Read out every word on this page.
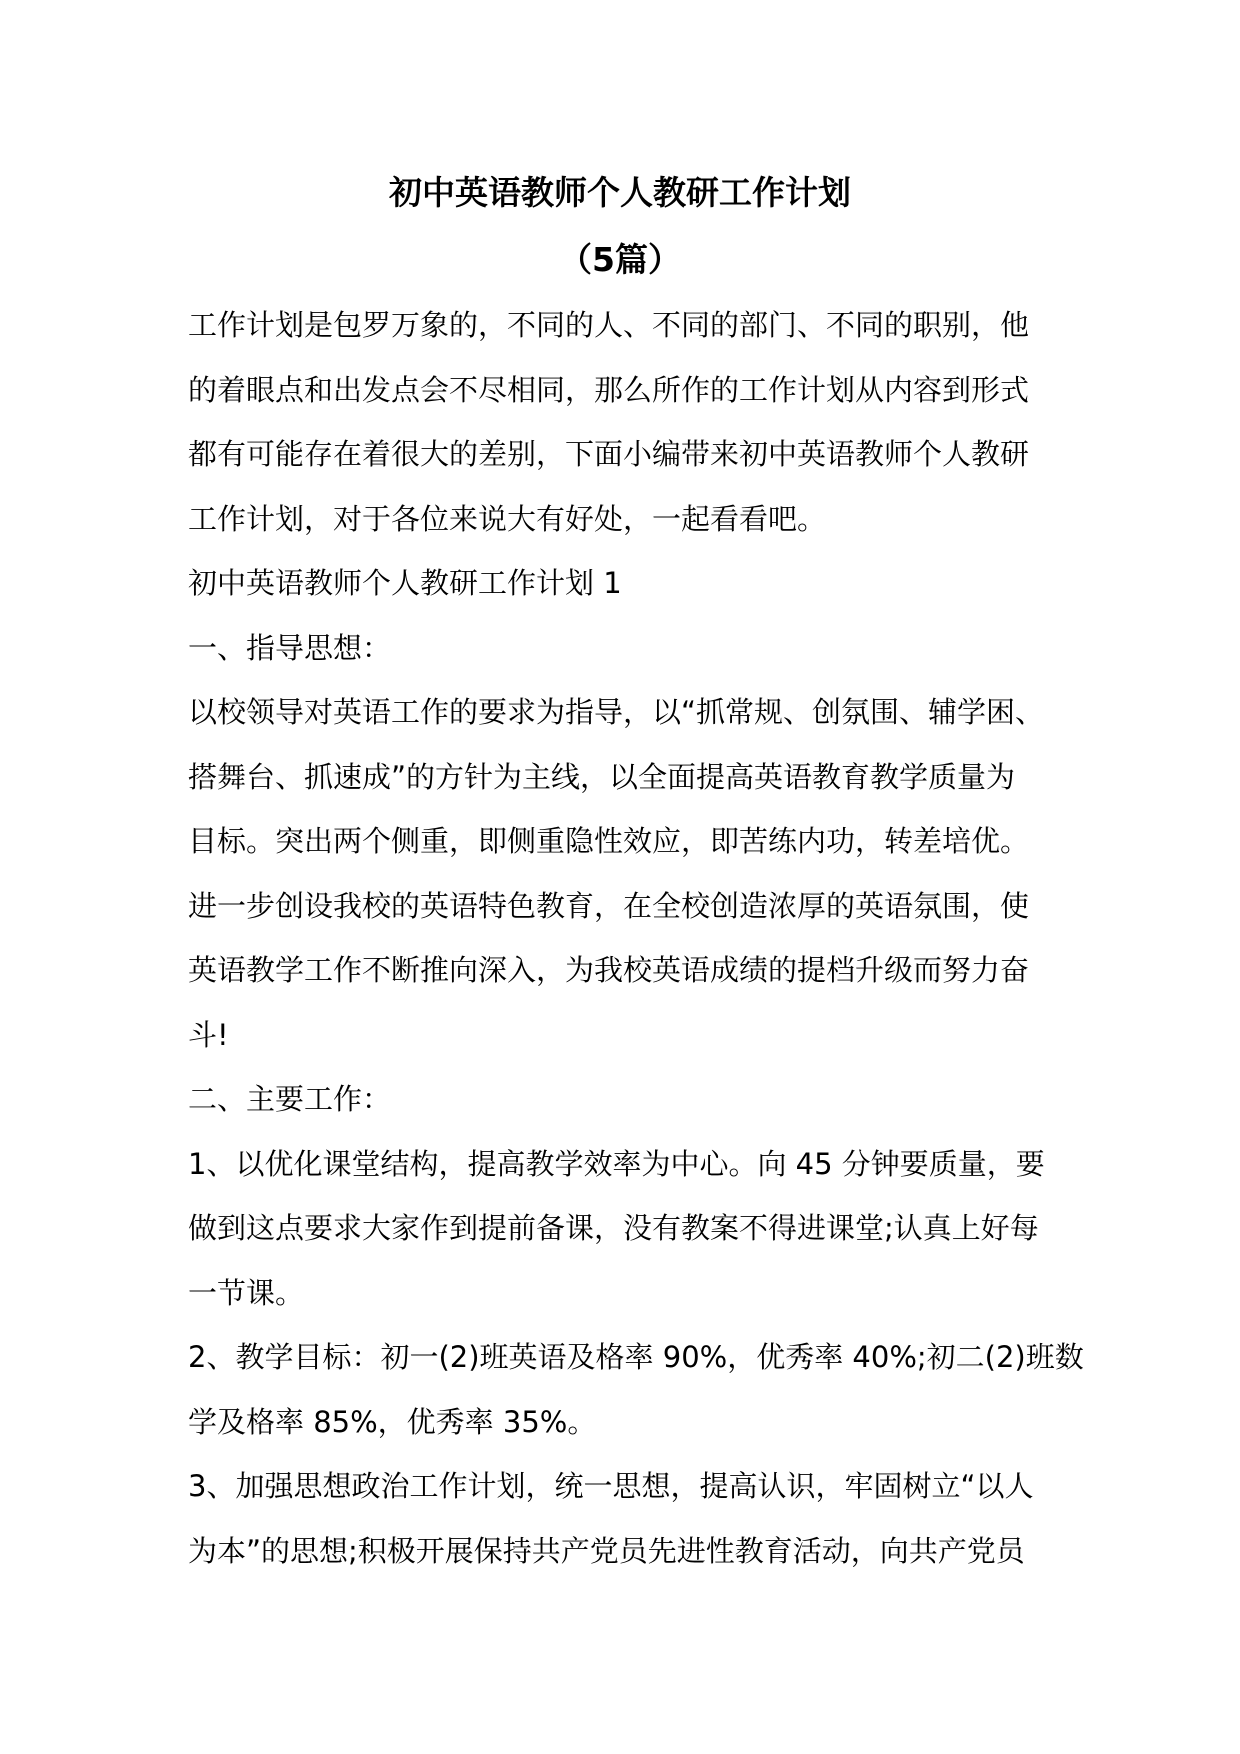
初中英语教师个人教研工作计划
（5篇）
工作计划是包罗万象的，不同的人、不同的部门、不同的职别，他
的着眼点和出发点会不尽相同，那么所作的工作计划从内容到形式
都有可能存在着很大的差别，下面小编带来初中英语教师个人教研
工作计划，对于各位来说大有好处，一起看看吧。
初中英语教师个人教研工作计划 1
一、指导思想：
以校领导对英语工作的要求为指导，以“抓常规、创氛围、辅学困、
搭舞台、抓速成”的方针为主线，以全面提高英语教育教学质量为
目标。突出两个侧重，即侧重隐性效应，即苦练内功，转差培优。
进一步创设我校的英语特色教育，在全校创造浓厚的英语氛围，使
英语教学工作不断推向深入，为我校英语成绩的提档升级而努力奋
斗!
二、主要工作：
1、以优化课堂结构，提高教学效率为中心。向 45 分钟要质量，要
做到这点要求大家作到提前备课，没有教案不得进课堂;认真上好每
一节课。
2、教学目标：初一(2)班英语及格率 90%，优秀率 40%;初二(2)班数
学及格率 85%，优秀率 35%。
3、加强思想政治工作计划，统一思想，提高认识，牢固树立“以人
为本”的思想;积极开展保持共产党员先进性教育活动，向共产党员
